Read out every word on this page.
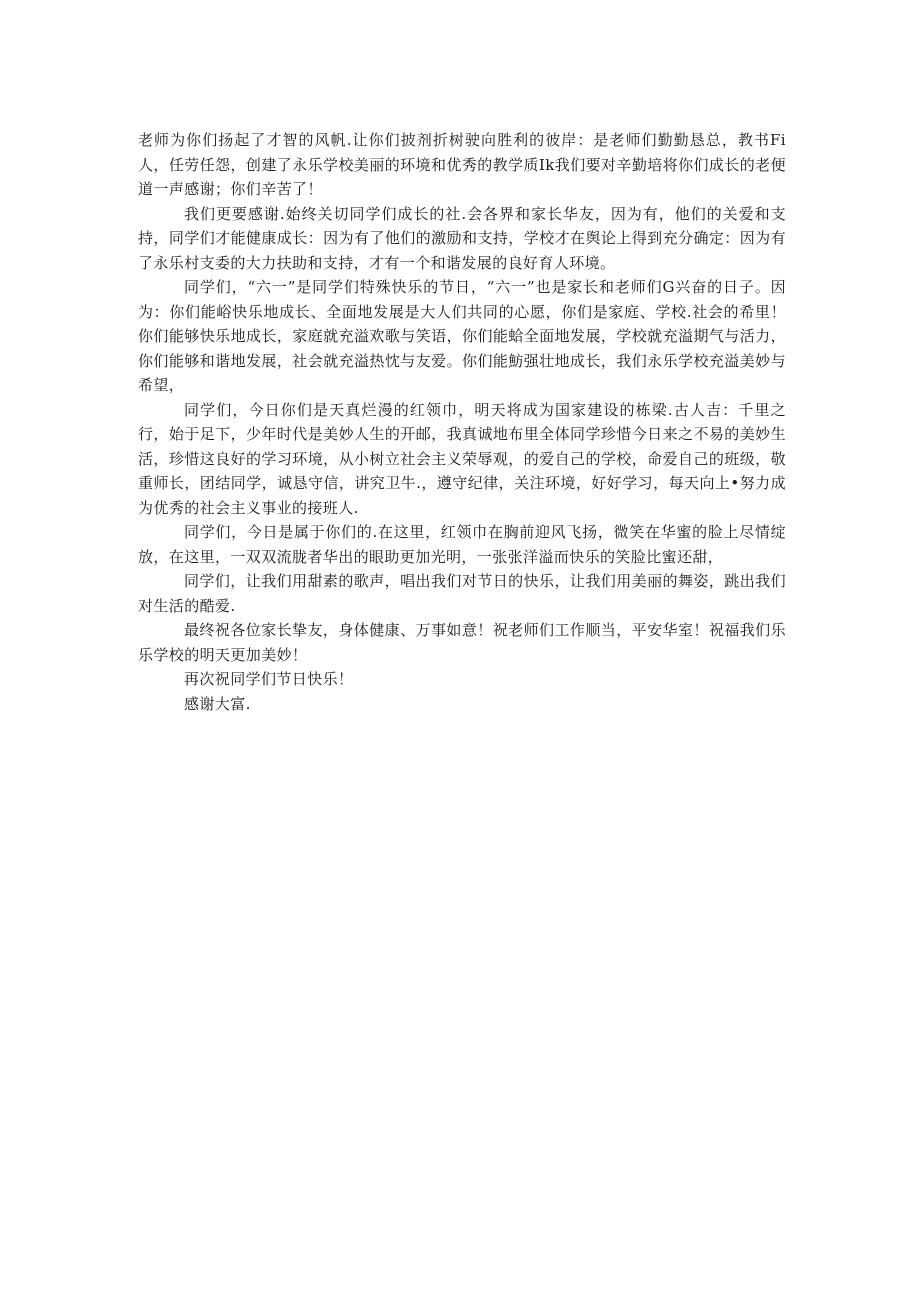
老师为你们扬起了才智的风帆.让你们披剂折树驶向胜利的彼岸：是老师们勤勤恳总，教书Fi人，任劳任怨，创建了永乐学校美丽的环境和优秀的教学质Ik我们要对辛勤培将你们成长的老便道一声感谢；你们辛苦了！

我们更要感谢.始终关切同学们成长的社.会各界和家长华友，因为有，他们的关爱和支持，同学们才能健康成长：因为有了他们的激励和支持，学校才在舆论上得到充分确定：因为有了永乐村支委的大力扶助和支持，才有一个和谐发展的良好育人环境。

同学们，“六一”是同学们特殊快乐的节日，“六一”也是家长和老师们G兴奋的日子。因为：你们能峪快乐地成长、全面地发展是大人们共同的心愿，你们是家庭、学校.社会的希里！你们能够快乐地成长，家庭就充溢欢歌与笑语，你们能蛤全面地发展，学校就充溢期气与活力，你们能够和谐地发展，社会就充溢热忱与友爱。你们能魴强壮地成长，我们永乐学校充溢美妙与希望，

同学们，今日你们是天真烂漫的红领巾，明天将成为国家建设的栋梁.古人吉：千里之行，始于足下，少年时代是美妙人生的开邮，我真诚地布里全体同学珍惜今日来之不易的美妙生活，珍惜这良好的学习环境，从小树立社会主义荣辱观，的爱自己的学校，命爱自己的班级，敬重师长，团结同学，诚恳守信，讲究卫牛.，遵守纪律，关注环境，好好学习，每天向上•努力成为优秀的社会主义事业的接班人.

同学们，今日是属于你们的.在这里，红领巾在胸前迎风飞扬，微笑在华蜜的脸上尽情绽放，在这里，一双双流胧者华出的眼助更加光明，一张张洋溢而快乐的笑脸比蜜还甜，

同学们，让我们用甜素的歌声，唱出我们对节日的快乐，让我们用美丽的舞姿，跳出我们对生活的酷爱.

最终祝各位家长挚友，身体健康、万事如意！祝老师们工作顺当，平安华室！祝福我们乐乐学校的明天更加美妙！

再次祝同学们节日快乐！

感谢大富.
